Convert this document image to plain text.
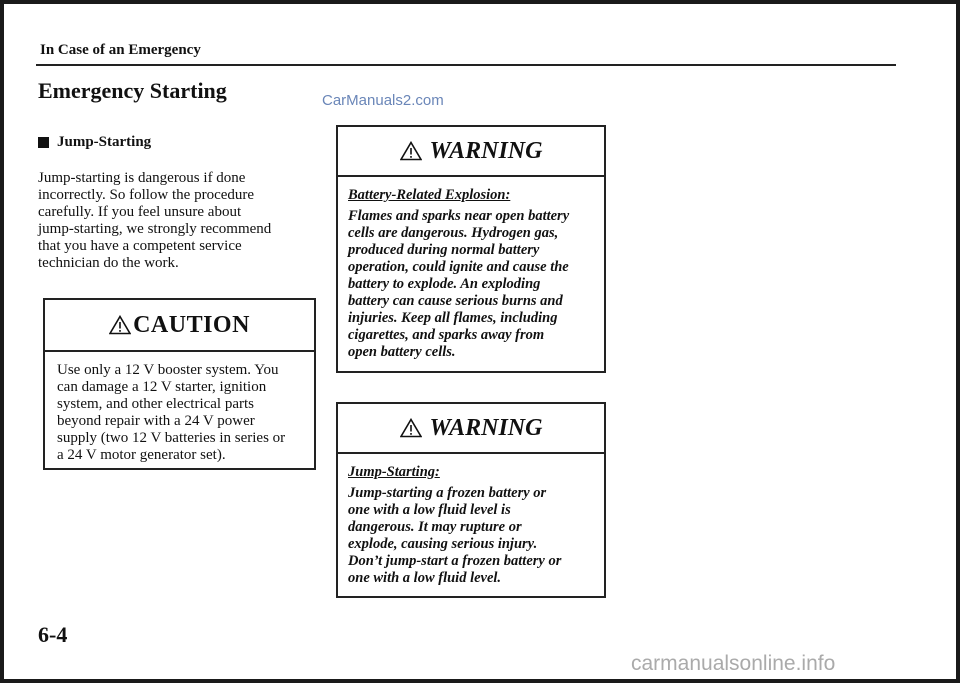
In Case of an Emergency
Emergency Starting	CarManuals2.com
Jump-Starting
Jump-starting is dangerous if done
incorrectly. So follow the procedure
carefully. If you feel unsure about
jump-starting, we strongly recommend
that you have a competent service
technician do the work.
CAUTION
Use only a 12 V booster system. You
can damage a 12 V starter, ignition
system, and other electrical parts
beyond repair with a 24 V power
supply (two 12 V batteries in series or
a 24 V motor generator set).
WARNING
Battery-Related Explosion:
Flames and sparks near open battery
cells are dangerous. Hydrogen gas,
produced during normal battery
operation, could ignite and cause the
battery to explode. An exploding
battery can cause serious burns and
injuries. Keep all flames, including
cigarettes, and sparks away from
open battery cells.
WARNING
Jump-Starting:
Jump-starting a frozen battery or
one with a low fluid level is
dangerous. It may rupture or
explode, causing serious injury.
Don’t jump-start a frozen battery or
one with a low fluid level.
6-4
carmanualsonline.info
